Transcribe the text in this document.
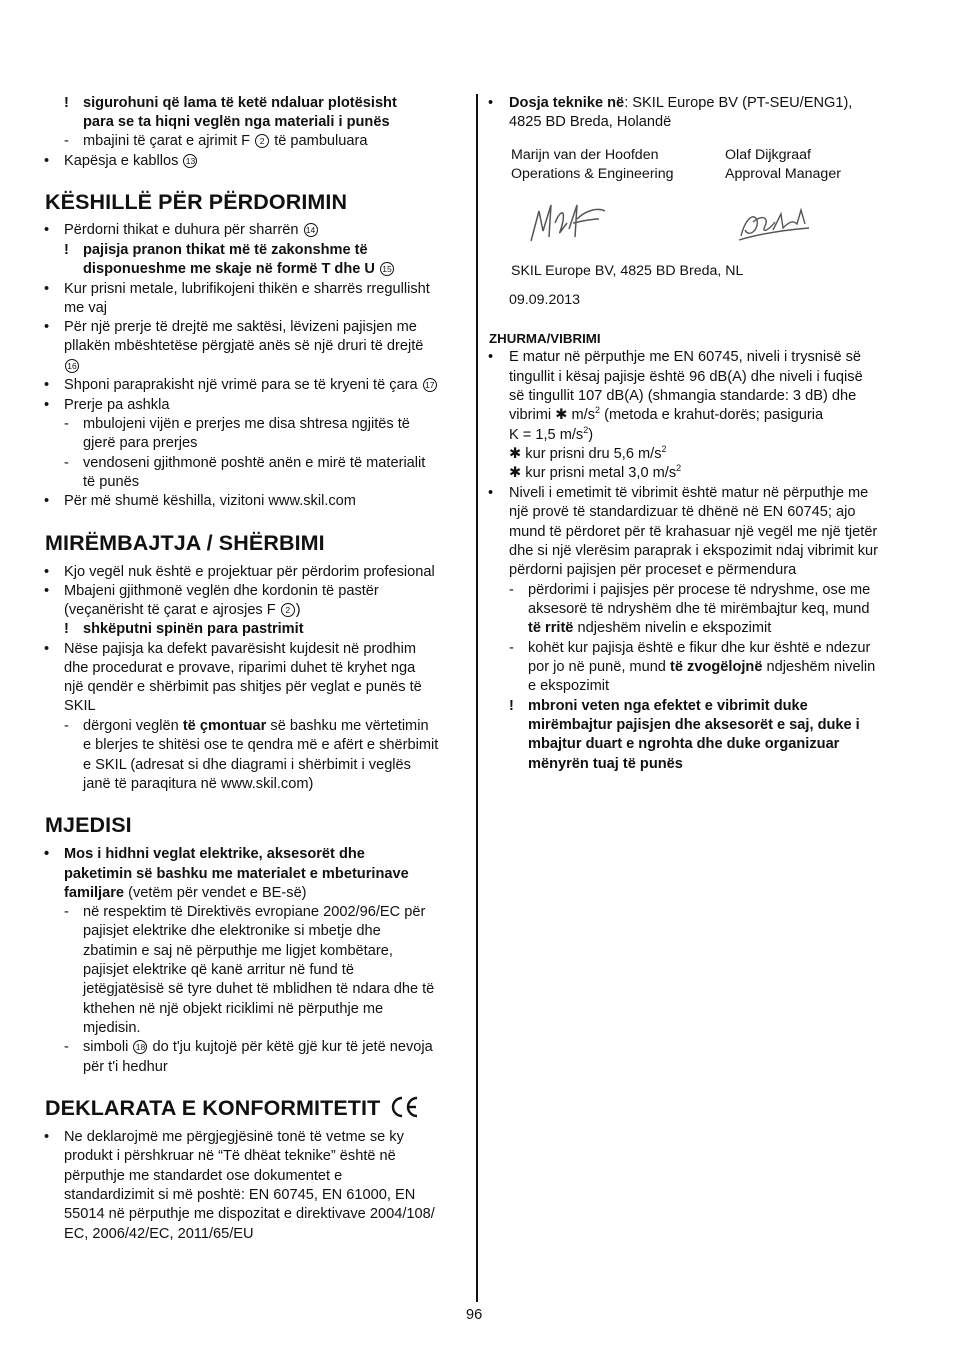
! sigurohuni që lama të ketë ndaluar plotësisht
para se ta hiqni veglën nga materiali i punës
- mbajini të çarat e ajrimit F 2 të pambuluara
• Kapësja e kabllos 13
KËSHILLË PËR PËRDORIMIN
• Përdorni thikat e duhura për sharrën 14
! pajisja pranon thikat më të zakonshme të
disponueshme me skaje në formë T dhe U 15
• Kur prisni metale, lubrifikojeni thikën e sharrës rregullisht
me vaj
• Për një prerje të drejtë me saktësi, lëvizeni pajisjen me
pllakën mbështetëse përgjatë anës së një druri të drejtë
16
• Shponi paraprakisht një vrimë para se të kryeni të çara 17
• Prerje pa ashkla
- mbulojeni vijën e prerjes me disa shtresa ngjitës të
gjerë para prerjes
- vendoseni gjithmonë poshtë anën e mirë të materialit
të punës
• Për më shumë këshilla, vizitoni www.skil.com
MIRËMBAJTJA / SHËRBIMI
• Kjo vegël nuk është e projektuar për përdorim profesional
• Mbajeni gjithmonë veglën dhe kordonin të pastër
(veçanërisht të çarat e ajrosjes F 2 )
! shkëputni spinën para pastrimit
• Nëse pajisja ka defekt pavarësisht kujdesit në prodhim
dhe procedurat e provave, riparimi duhet të kryhet nga
një qendër e shërbimit pas shitjes për veglat e punës të
SKIL
- dërgoni veglën të çmontuar së bashku me vërtetimin
e blerjes te shitësi ose te qendra më e afërt e shërbimit
e SKIL (adresat si dhe diagrami i shërbimit i veglës
janë të paraqitura në www.skil.com)
MJEDISI
• Mos i hidhni veglat elektrike, aksesorët dhe
paketimin së bashku me materialet e mbeturinave
familjare (vetëm për vendet e BE-së)
- në respektim të Direktivës evropiane 2002/96/EC për
pajisjet elektrike dhe elektronike si mbetje dhe
zbatimin e saj në përputhje me ligjet kombëtare,
pajisjet elektrike që kanë arritur në fund të
jetëgjatësisë së tyre duhet të mblidhen të ndara dhe të
kthehen në një objekt riciklimi në përputhje me
mjedisin.
- simboli 18 do t'ju kujtojë për këtë gjë kur të jetë nevoja
për t'i hedhur
DEKLARATA E KONFORMITETIT
• Ne deklarojmë me përgjegjësinë tonë të vetme se ky
produkt i përshkruar në “Të dhëat teknike” është në
përputhje me standardet ose dokumentet e
standardizimit si më poshtë: EN 60745, EN 61000, EN
55014 në përputhje me dispozitat e direktivave 2004/108/
EC, 2006/42/EC, 2011/65/EU
• Dosja teknike në: SKIL Europe BV (PT-SEU/ENG1),
4825 BD Breda, Holandë
Marijn van der Hoofden
Operations & Engineering
Olaf Dijkgraaf
Approval Manager
SKIL Europe BV, 4825 BD Breda, NL
09.09.2013
ZHURMA/VIBRIMI
• E matur në përputhje me EN 60745, niveli i trysnisë së
tingullit i kësaj pajisje është 96 dB(A) dhe niveli i fuqisë
së tingullit 107 dB(A) (shmangia standarde: 3 dB) dhe
vibrimi ✱ $m/s^2$ (metoda e krahut-dorës; pasiguria
K = 1,5 $m/s^2$)
✱ kur prisni dru 5,6 $m/s^2$
✱ kur prisni metal 3,0 $m/s^2$
• Niveli i emetimit të vibrimit është matur në përputhje me
një provë të standardizuar të dhënë në EN 60745; ajo
mund të përdoret për të krahasuar një vegël me një tjetër
dhe si një vlerësim paraprak i ekspozimit ndaj vibrimit kur
përdorni pajisjen për proceset e përmendura
- përdorimi i pajisjes për procese të ndryshme, ose me
aksesorë të ndryshëm dhe të mirëmbajtur keq, mund
të rritë ndjeshëm nivelin e ekspozimit
- kohët kur pajisja është e fikur dhe kur është e ndezur
por jo në punë, mund të zvogëlojnë ndjeshëm nivelin
e ekspozimit
! mbroni veten nga efektet e vibrimit duke
mirëmbajtur pajisjen dhe aksesorët e saj, duke i
mbajtur duart e ngrohta dhe duke organizuar
mënyrën tuaj të punës
96
